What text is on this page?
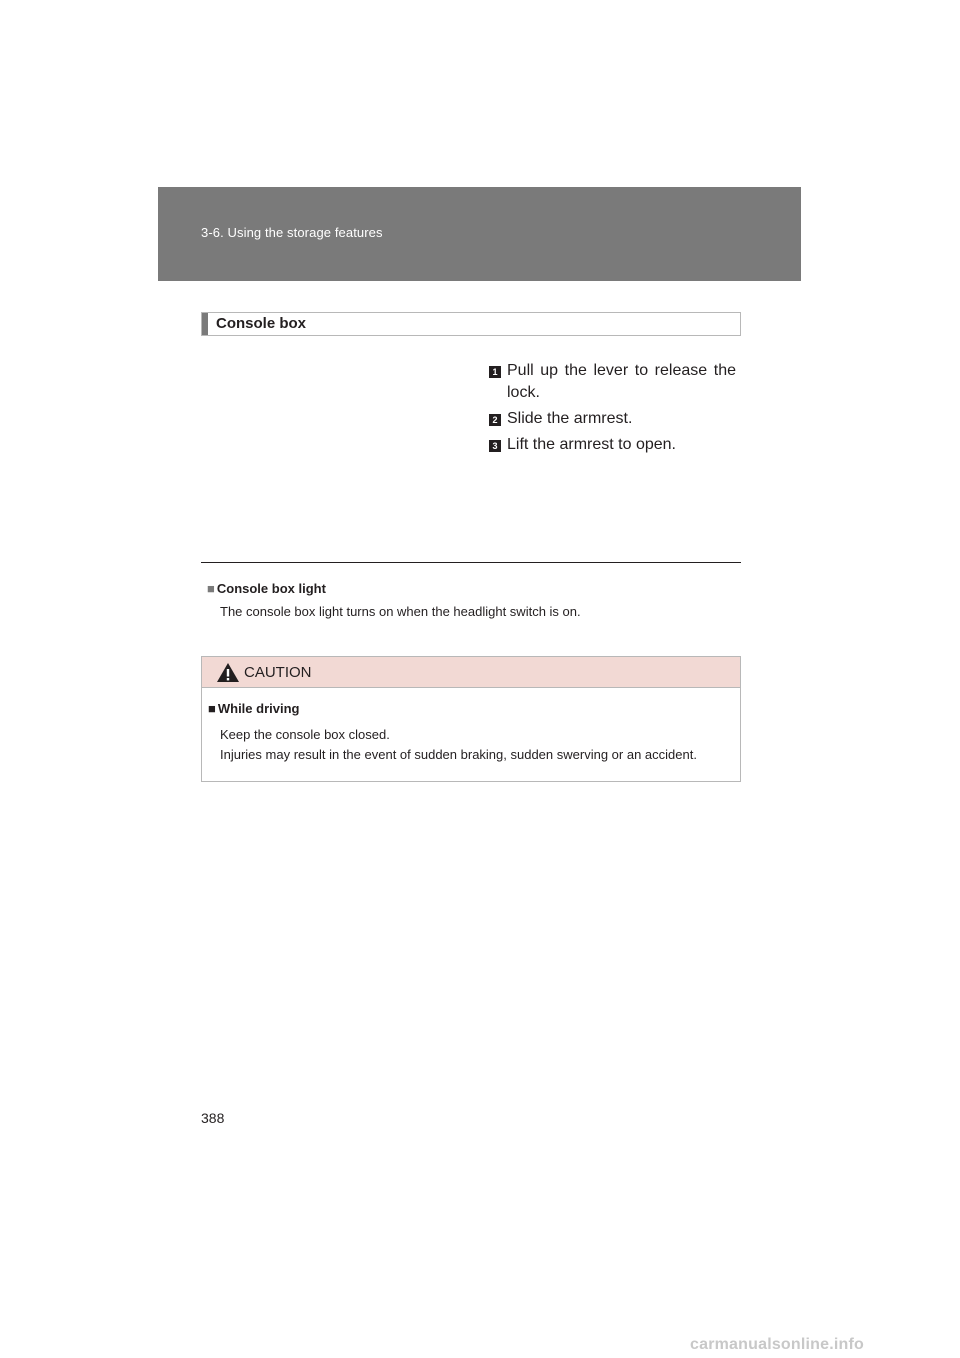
3-6. Using the storage features
Console box
1 Pull up the lever to release the lock.
2 Slide the armrest.
3 Lift the armrest to open.
■ Console box light
The console box light turns on when the headlight switch is on.
CAUTION
■ While driving
Keep the console box closed.
Injuries may result in the event of sudden braking, sudden swerving or an accident.
388
carmanualsonline.info
